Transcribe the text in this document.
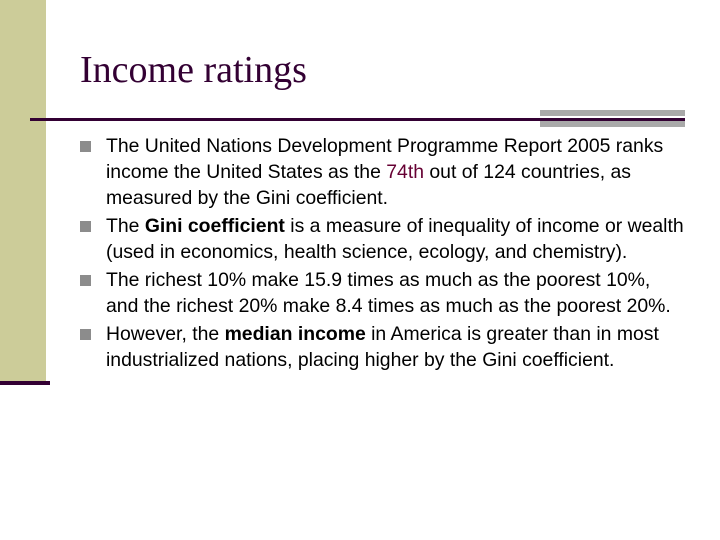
Income ratings
The United Nations Development Programme Report 2005 ranks income the United States as the 74th out of 124 countries, as measured by the Gini coefficient.
The Gini coefficient is a measure of inequality of income or wealth (used in economics, health science, ecology, and chemistry).
The richest 10% make 15.9 times as much as the poorest 10%, and the richest 20% make 8.4 times as much as the poorest 20%.
However, the median income in America is greater than in most industrialized nations, placing higher by the Gini coefficient.
